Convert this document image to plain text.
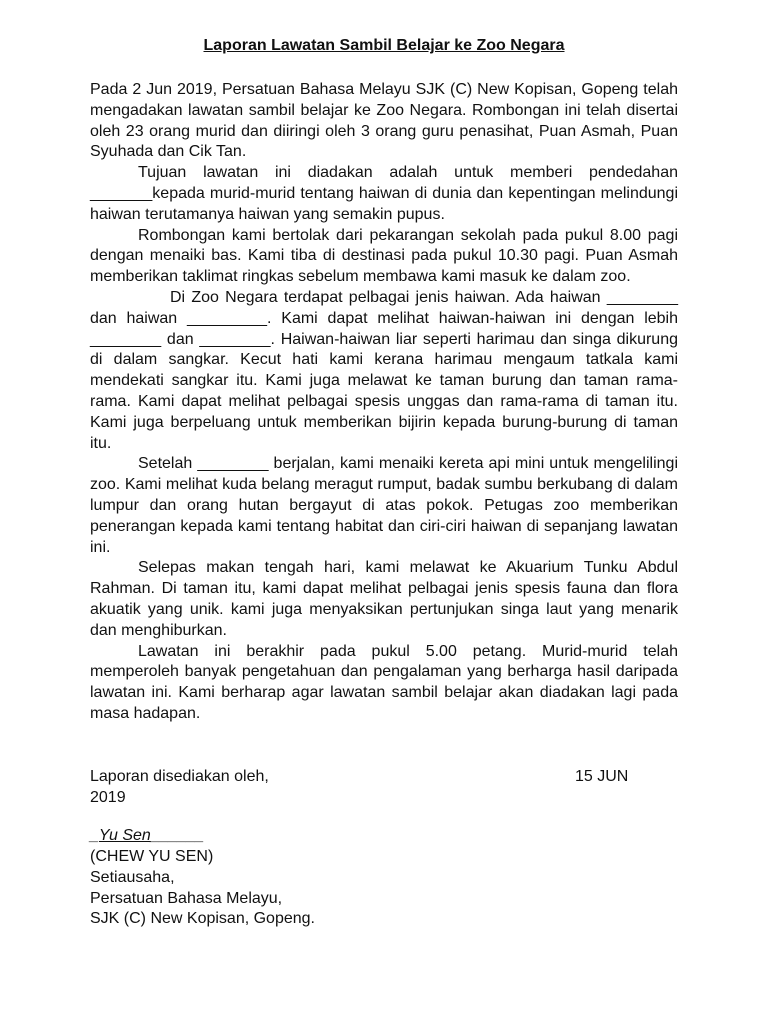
Laporan Lawatan Sambil Belajar ke Zoo Negara

Pada 2 Jun 2019, Persatuan Bahasa Melayu SJK (C) New Kopisan, Gopeng telah mengadakan lawatan sambil belajar ke Zoo Negara. Rombongan ini telah disertai oleh 23 orang murid dan diiringi oleh 3 orang guru penasihat, Puan Asmah, Puan Syuhada dan Cik Tan.

Tujuan lawatan ini diadakan adalah untuk memberi pendedahan _______kepada murid-murid tentang haiwan di dunia dan kepentingan melindungi haiwan terutamanya haiwan yang semakin pupus.

Rombongan kami bertolak dari pekarangan sekolah pada pukul 8.00 pagi dengan menaiki bas. Kami tiba di destinasi pada pukul 10.30 pagi. Puan Asmah memberikan taklimat ringkas sebelum membawa kami masuk ke dalam zoo.

Di Zoo Negara terdapat pelbagai jenis haiwan. Ada haiwan ________ dan haiwan _________. Kami dapat melihat haiwan-haiwan ini dengan lebih ________ dan ________. Haiwan-haiwan liar seperti harimau dan singa dikurung di dalam sangkar. Kecut hati kami kerana harimau mengaum tatkala kami mendekati sangkar itu. Kami juga melawat ke taman burung dan taman rama-rama. Kami dapat melihat pelbagai spesis unggas dan rama-rama di taman itu. Kami juga berpeluang untuk memberikan bijirin kepada burung-burung di taman itu.

Setelah ________ berjalan, kami menaiki kereta api mini untuk mengelilingi zoo. Kami melihat kuda belang meragut rumput, badak sumbu berkubang di dalam lumpur dan orang hutan bergayut di atas pokok. Petugas zoo memberikan penerangan kepada kami tentang habitat dan ciri-ciri haiwan di sepanjang lawatan ini.

Selepas makan tengah hari, kami melawat ke Akuarium Tunku Abdul Rahman. Di taman itu, kami dapat melihat pelbagai jenis spesis fauna dan flora akuatik yang unik. kami juga menyaksikan pertunjukan singa laut yang menarik dan menghiburkan.

Lawatan ini berakhir pada pukul 5.00 petang. Murid-murid telah memperoleh banyak pengetahuan dan pengalaman yang berharga hasil daripada lawatan ini. Kami berharap agar lawatan sambil belajar akan diadakan lagi pada masa hadapan.

Laporan disediakan oleh,	15 JUN
2019
_Yu Sen______
(CHEW YU SEN)
Setiausaha,
Persatuan Bahasa Melayu,
SJK (C) New Kopisan, Gopeng.
